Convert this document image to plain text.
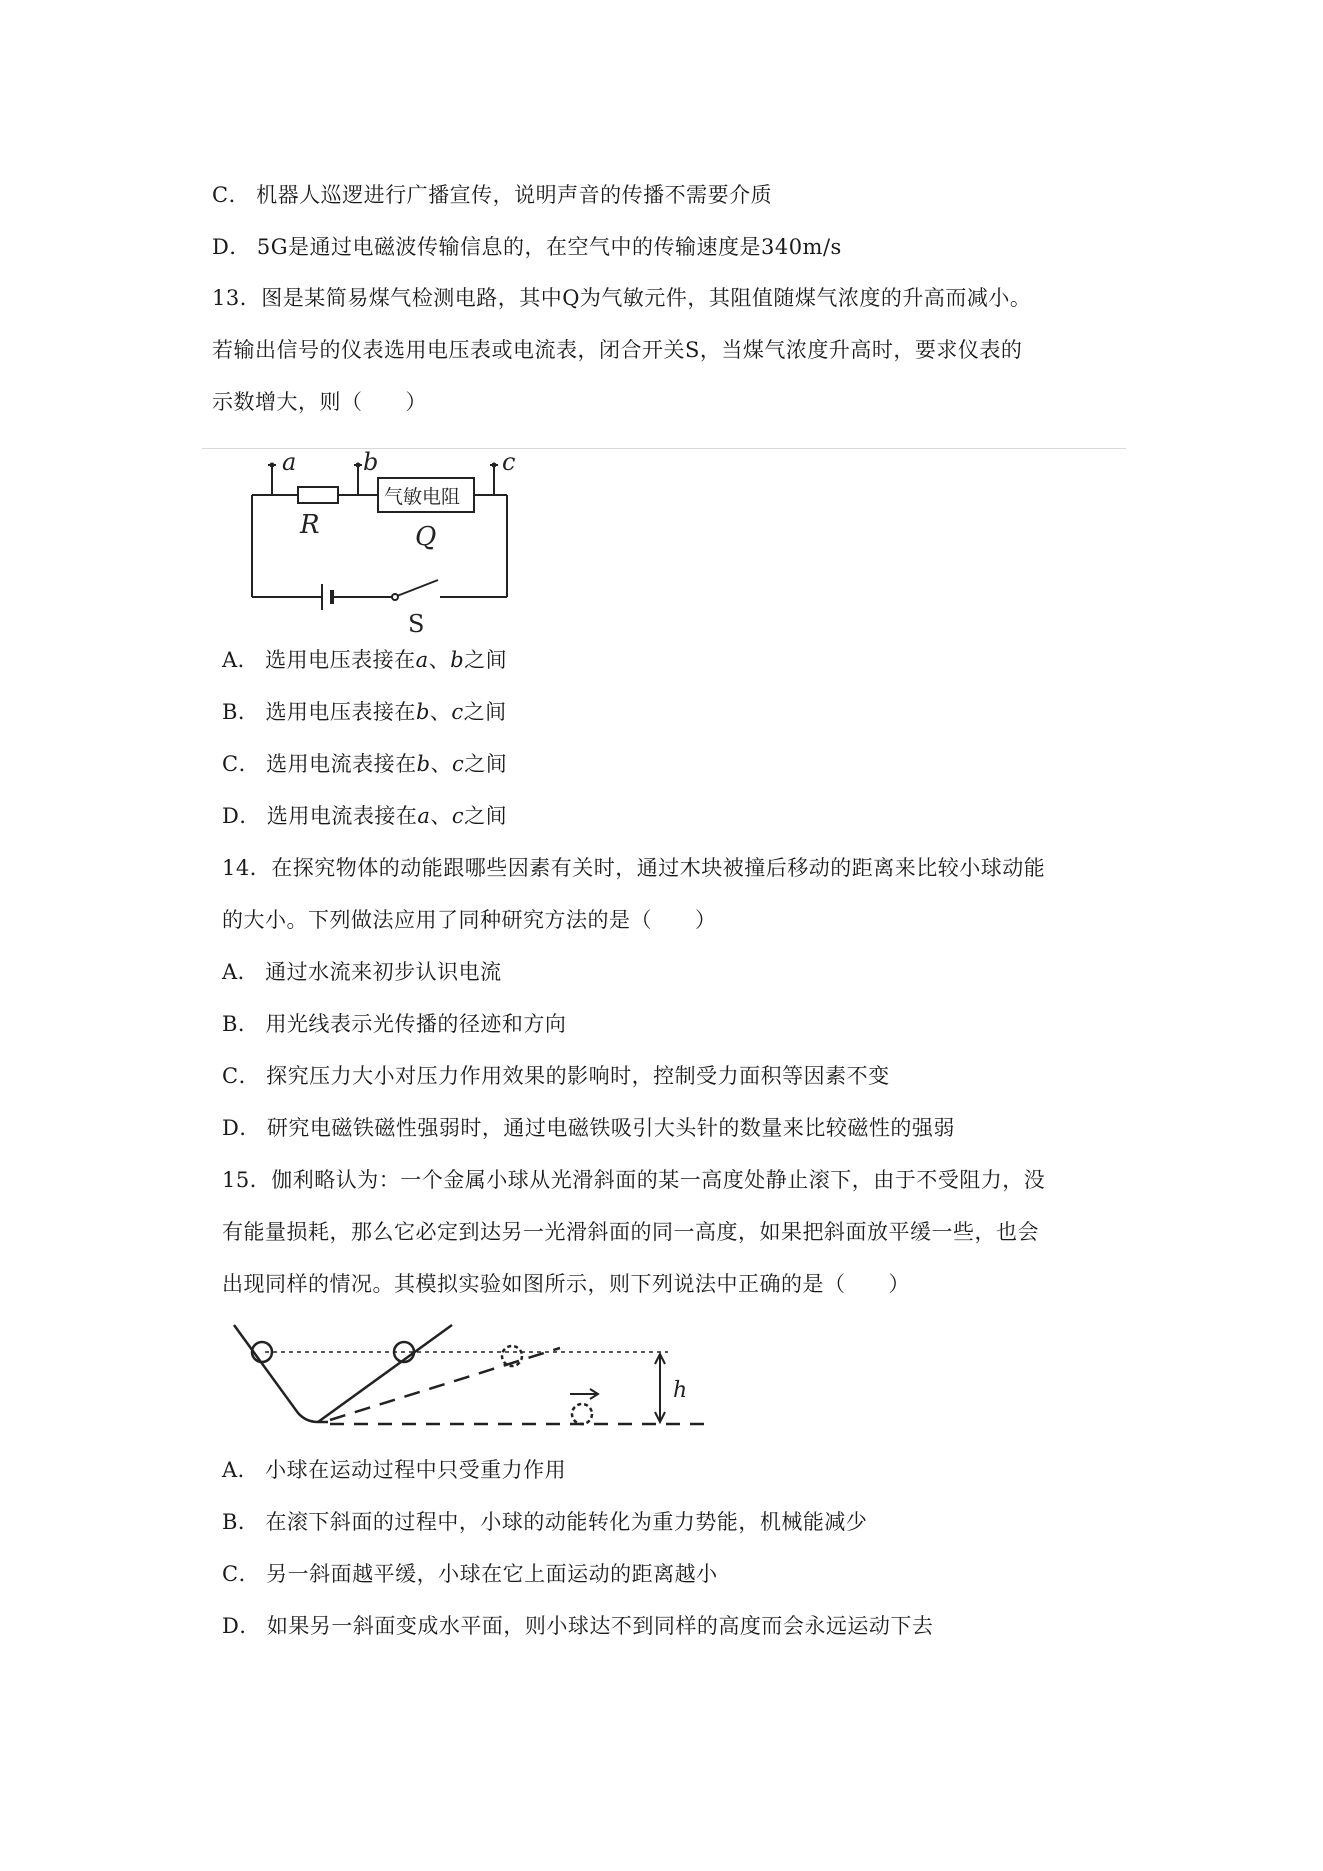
C． 机器人巡逻进行广播宣传，说明声音的传播不需要介质
D． 5G是通过电磁波传输信息的，在空气中的传输速度是340m/s
13．图是某简易煤气检测电路，其中Q为气敏元件，其阻值随煤气浓度的升高而减小。
若输出信号的仪表选用电压表或电流表，闭合开关S，当煤气浓度升高时，要求仪表的
示数增大，则（　　）
a	b	c
R
气敏电阻
Q
S
A． 选用电压表接在a、b之间
B． 选用电压表接在b、c之间
C． 选用电流表接在b、c之间
D． 选用电流表接在a、c之间
14．在探究物体的动能跟哪些因素有关时，通过木块被撞后移动的距离来比较小球动能
的大小。下列做法应用了同种研究方法的是（　　）
A． 通过水流来初步认识电流
B． 用光线表示光传播的径迹和方向
C． 探究压力大小对压力作用效果的影响时，控制受力面积等因素不变
D． 研究电磁铁磁性强弱时，通过电磁铁吸引大头针的数量来比较磁性的强弱
15．伽利略认为：一个金属小球从光滑斜面的某一高度处静止滚下，由于不受阻力，没
有能量损耗，那么它必定到达另一光滑斜面的同一高度，如果把斜面放平缓一些，也会
出现同样的情况。其模拟实验如图所示，则下列说法中正确的是（　　）
h
A． 小球在运动过程中只受重力作用
B． 在滚下斜面的过程中，小球的动能转化为重力势能，机械能减少
C． 另一斜面越平缓，小球在它上面运动的距离越小
D． 如果另一斜面变成水平面，则小球达不到同样的高度而会永远运动下去
